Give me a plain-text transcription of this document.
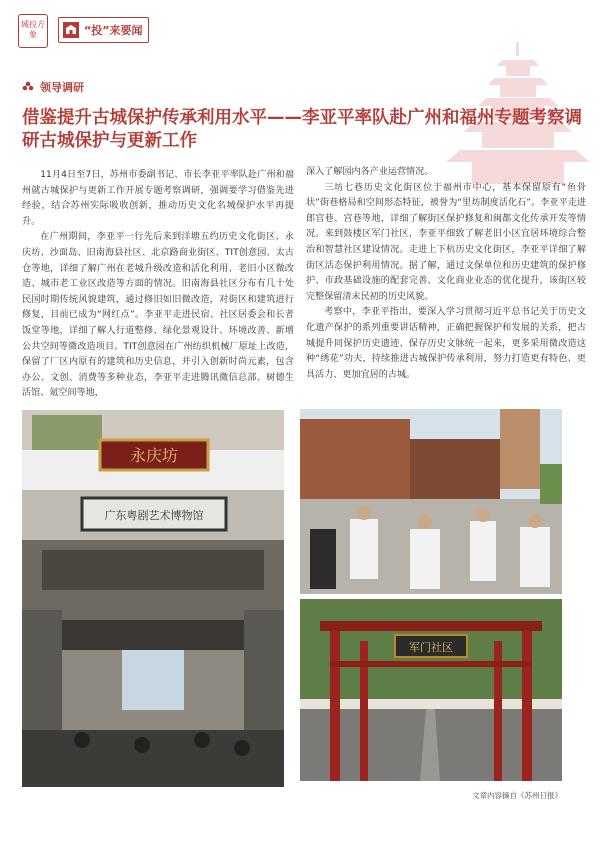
城投方象	“投”来要闻
领导调研
借鉴提升古城保护传承利用水平——李亚平率队赴广州和福州专题考察调研古城保护与更新工作

11月4日至7日，苏州市委副书记、市长李亚平率队赴广州和福州就古城保护与更新工作开展专题考察调研，强调要学习借鉴先进经验，结合苏州实际吸收创新，推动历史文化名城保护水平再提升。

在广州期间，李亚平一行先后来到洋塘五约历史文化街区、永庆坊、沙面岛、旧南海县社区、北京路商业街区、TIT创意园、太古仓等地，详细了解广州在老城升级改造和活化利用、老旧小区微改造、城市老工业区改造等方面的情况。旧南海县社区分布有几十处民国时期传统风貌建筑，通过修旧如旧微改造，对街区和建筑进行修复，目前已成为“网红点”。李亚平走进民宿、社区居委会和长者饭堂等地，详细了解人行道整修、绿化景观设计、环境改善、新增公共空间等微改造项目。TIT创意园在广州纺织机械厂原址上改造，保留了厂区内原有的建筑和历史信息，并引入创新时尚元素，包含办公、文创、消费等多种业态，李亚平走进腾讯微信总部、树德生活馆、氪空间等地，

深入了解园内各产业运营情况。

三坊七巷历史文化街区位于福州市中心，基本保留原有“鱼骨状”街巷格局和空间形态特征，被誉为“里坊制度活化石”。李亚平走进郎官巷、宫巷等地，详细了解街区保护修复和闽都文化传承开发等情况。来到鼓楼区军门社区，李亚平细致了解老旧小区宜居环境综合整治和智慧社区建设情况。走进上下杭历史文化街区，李亚平详细了解街区活态保护利用情况。据了解，通过文保单位和历史建筑的保护修护、市政基础设施的配套完善、文化商业业态的优化提升，该街区较完整保留清末民初的历史风貌。

考察中，李亚平指出，要深入学习贯彻习近平总书记关于历史文化遗产保护的系列重要讲话精神，正确把握保护和发展的关系，把古城提升同保护历史遗迹、保存历史文脉统一起来，更多采用微改造这种“绣花”功夫，持续推进古城保护传承利用，努力打造更有特色、更具活力、更加宜居的古城。

永庆坊
广东粤剧艺术博物馆
军门社区
文章内容摘自《苏州日报》
